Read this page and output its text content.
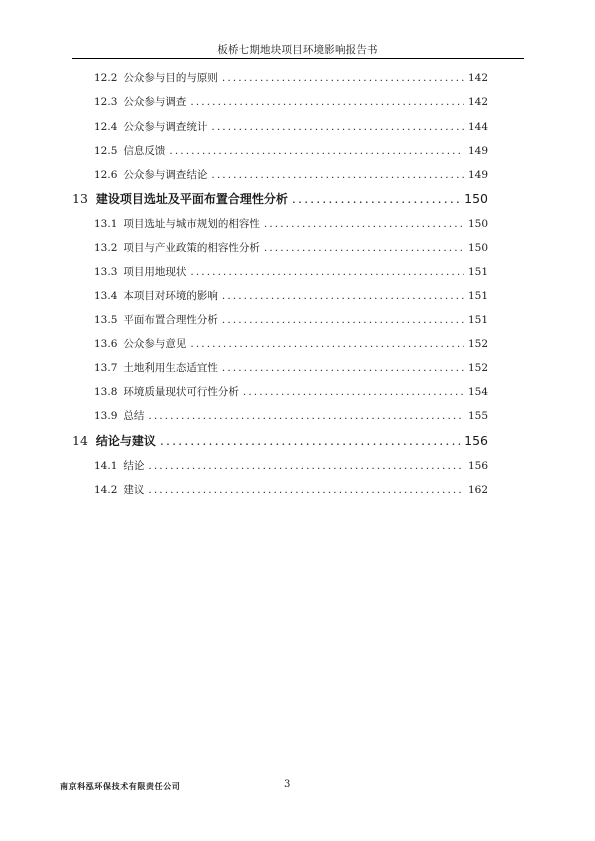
板桥七期地块项目环境影响报告书
12.2 公众参与目的与原则 .....	142
12.3 公众参与调查 .....	142
12.4 公众参与调查统计 .....	144
12.5 信息反馈 .....	149
12.6 公众参与调查结论 .....	149
13 建设项目选址及平面布置合理性分析 .....	150
13.1 项目选址与城市规划的相容性 .....	150
13.2 项目与产业政策的相容性分析 .....	150
13.3 项目用地现状 .....	151
13.4 本项目对环境的影响 .....	151
13.5 平面布置合理性分析 .....	151
13.6 公众参与意见 .....	152
13.7 土地利用生态适宜性 .....	152
13.8 环境质量现状可行性分析 .....	154
13.9 总结 .....	155
14 结论与建议 .....	156
14.1 结论 .....	156
14.2 建议 .....	162
南京科泓环保技术有限责任公司	3
